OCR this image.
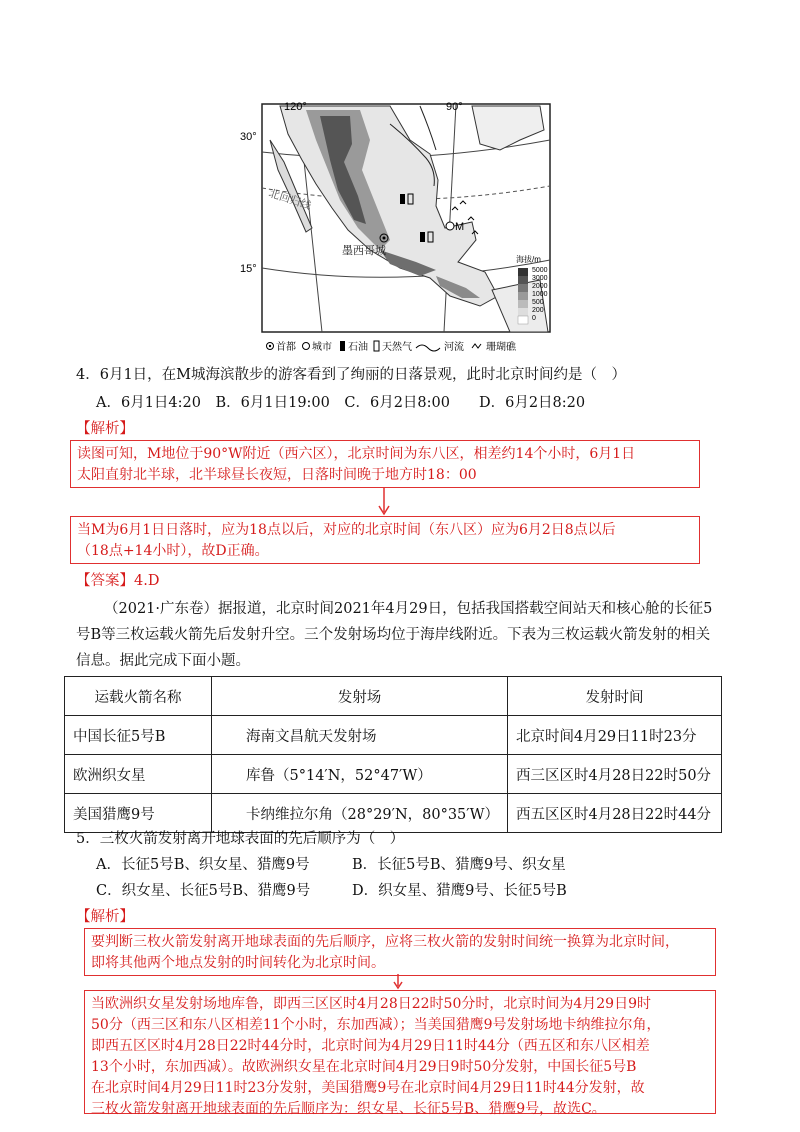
M
墨西哥城
北回归线
120°	90°
30°
15°
海拔/m
5000
3000
2000
1000
500
200
0
首都 城市 石油 天然气	河流 珊瑚礁
4．6月1日，在M城海滨散步的游客看到了绚丽的日落景观，此时北京时间约是（　）
A．6月1日4:20　B．6月1日19:00　C．6月2日8:00　　D．6月2日8:20
【解析】
读图可知，M地位于90°W附近（西六区），北京时间为东八区，相差约14个小时，6月1日
太阳直射北半球，北半球昼长夜短，日落时间晚于地方时18：00
当M为6月1日日落时，应为18点以后，对应的北京时间（东八区）应为6月2日8点以后
（18点+14小时），故D正确。
【答案】4.D
（2021·广东卷）据报道，北京时间2021年4月29日，包括我国搭载空间站天和核心舱的长征5
号B等三枚运载火箭先后发射升空。三个发射场均位于海岸线附近。下表为三枚运载火箭发射的相关
信息。据此完成下面小题。
运载火箭名称	发射场	发射时间
中国长征5号B	海南文昌航天发射场	北京时间4月29日11时23分
欧洲织女星	库鲁（5°14′N，52°47′W）	西三区区时4月28日22时50分
美国猎鹰9号	卡纳维拉尔角（28°29′N，80°35′W）	西五区区时4月28日22时44分
5．三枚火箭发射离开地球表面的先后顺序为（　）
A．长征5号B、织女星、猎鹰9号	B．长征5号B、猎鹰9号、织女星
C．织女星、长征5号B、猎鹰9号	D．织女星、猎鹰9号、长征5号B
【解析】
要判断三枚火箭发射离开地球表面的先后顺序，应将三枚火箭的发射时间统一换算为北京时间，
即将其他两个地点发射的时间转化为北京时间。
当欧洲织女星发射场地库鲁，即西三区区时4月28日22时50分时，北京时间为4月29日9时
50分（西三区和东八区相差11个小时，东加西减）；当美国猎鹰9号发射场地卡纳维拉尔角，
即西五区区时4月28日22时44分时，北京时间为4月29日11时44分（西五区和东八区相差
13个小时，东加西减）。故欧洲织女星在北京时间4月29日9时50分发射，中国长征5号B
在北京时间4月29日11时23分发射，美国猎鹰9号在北京时间4月29日11时44分发射，故
三枚火箭发射离开地球表面的先后顺序为：织女星、长征5号B、猎鹰9号，故选C。
